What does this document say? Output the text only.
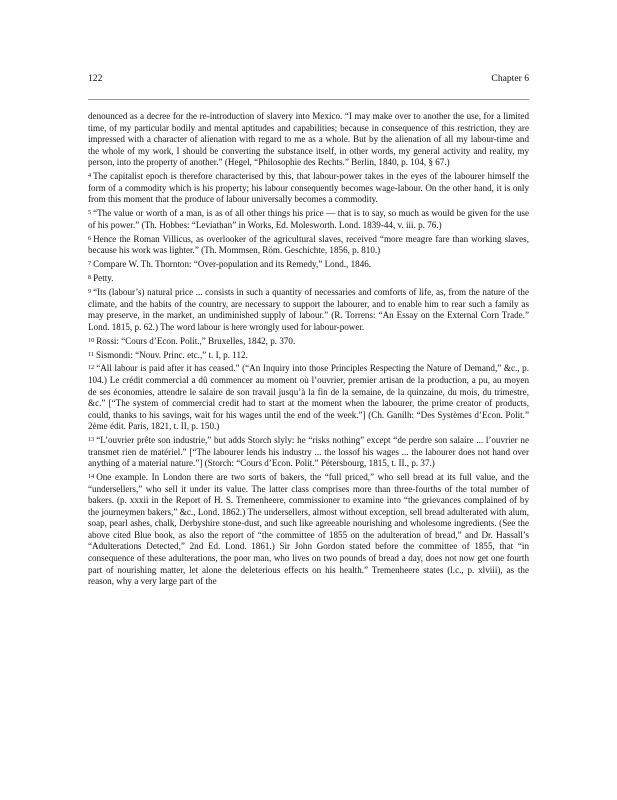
122	Chapter 6

denounced as a decree for the re-introduction of slavery into Mexico. “I may make over to another the use, for a limited time, of my particular bodily and mental aptitudes and capabilities; because in consequence of this restriction, they are impressed with a character of alienation with regard to me as a whole. But by the alienation of all my labour-time and the whole of my work, I should be converting the substance itself, in other words, my general activity and reality, my person, into the property of another.” (Hegel, “Philosophie des Rechts.” Berlin, 1840, p. 104, § 67.)

$^4$ The capitalist epoch is therefore characterised by this, that labour-power takes in the eyes of the labourer himself the form of a commodity which is his property; his labour consequently becomes wage-labour. On the other hand, it is only from this moment that the produce of labour universally becomes a commodity.

$^5$ “The value or worth of a man, is as of all other things his price — that is to say, so much as would be given for the use of his power.” (Th. Hobbes: “Leviathan” in Works, Ed. Molesworth. Lond. 1839-44, v. iii. p. 76.)

$^6$ Hence the Roman Villicus, as overlooker of the agricultural slaves, received “more meagre fare than working slaves, because his work was lighter.” (Th. Mommsen, Röm. Geschichte, 1856, p. 810.)

$^7$ Compare W. Th. Thornton: “Over-population and its Remedy,” Lond., 1846.

$^8$ Petty.

$^9$ “Its (labour’s) natural price ... consists in such a quantity of necessaries and comforts of life, as, from the nature of the climate, and the habits of the country, are necessary to support the labourer, and to enable him to rear such a family as may preserve, in the market, an undiminished supply of labour.” (R. Torrens: “An Essay on the External Corn Trade.” Lond. 1815, p. 62.) The word labour is here wrongly used for labour-power.

$^{10}$ Rossi: “Cours d’Econ. Polit.,” Bruxelles, 1842, p. 370.

$^{11}$ Sismondi: “Nouv. Princ. etc.,” t. I, p. 112.

$^{12}$ “All labour is paid after it has ceased.” (“An Inquiry into those Principles Respecting the Nature of Demand,” &c., p. 104.) Le crédit commercial a dû commencer au moment où l’ouvrier, premier artisan de la production, a pu, au moyen de ses économies, attendre le salaire de son travail jusqu’à la fin de la semaine, de la quinzaine, du mois, du trimestre, &c.” [“The system of commercial credit had to start at the moment when the labourer, the prime creator of products, could, thanks to his savings, wait for his wages until the end of the week.”] (Ch. Ganilh: “Des Systèmes d’Econ. Polit.” 2ème édit. Paris, 1821, t. II, p. 150.)

$^{13}$ “L’ouvrier prête son industrie,” but adds Storch slyly: he “risks nothing” except “de perdre son salaire ... l’ouvrier ne transmet rien de matériel.” [“The labourer lends his industry ... the lossof his wages ... the labourer does not hand over anything of a material nature.”] (Storch: “Cours d’Econ. Polit.” Pétersbourg, 1815, t. II., p. 37.)

$^{14}$ One example. In London there are two sorts of bakers, the “full priced,” who sell bread at its full value, and the “undersellers,” who sell it under its value. The latter class comprises more than three-fourths of the total number of bakers. (p. xxxii in the Report of H. S. Tremenheere, commissioner to examine into “the grievances complained of by the journeymen bakers,” &c., Lond. 1862.) The undersellers, almost without exception, sell bread adulterated with alum, soap, pearl ashes, chalk, Derbyshire stone-dust, and such like agreeable nourishing and wholesome ingredients. (See the above cited Blue book, as also the report of “the committee of 1855 on the adulteration of bread,” and Dr. Hassall’s “Adulterations Detected,” 2nd Ed. Lond. 1861.) Sir John Gordon stated before the committee of 1855, that “in consequence of these adulterations, the poor man, who lives on two pounds of bread a day, does not now get one fourth part of nourishing matter, let alone the deleterious effects on his health.” Tremenheere states (l.c., p. xlviii), as the reason, why a very large part of the
